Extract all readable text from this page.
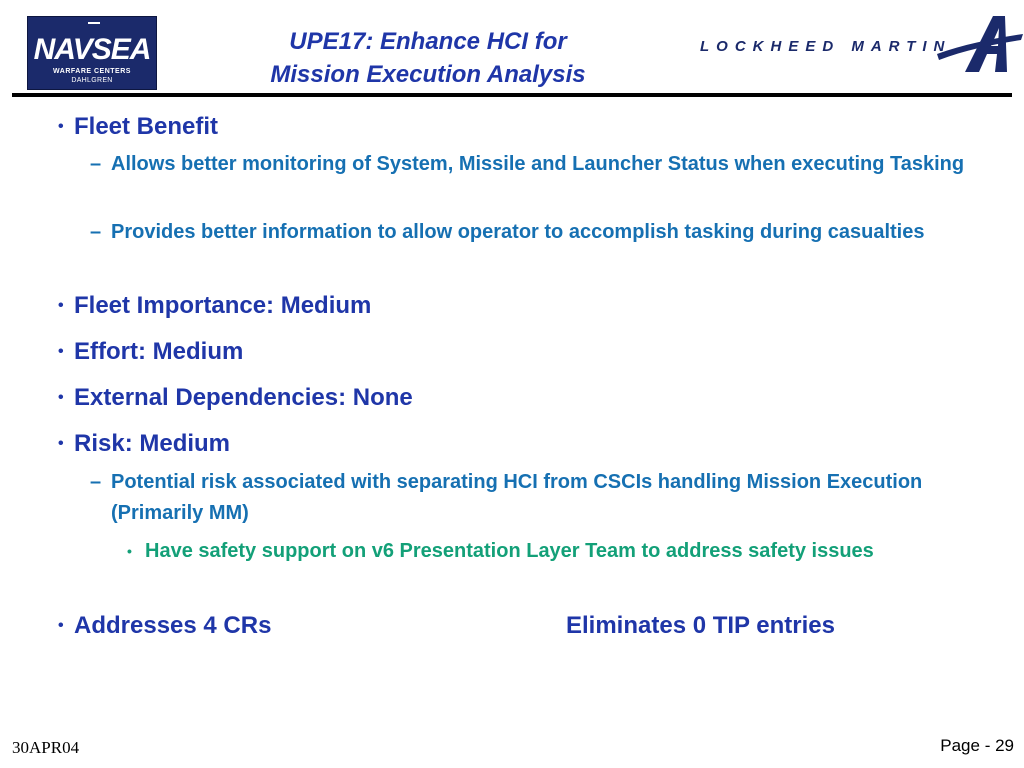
NAVSEA
WARFARE CENTERS
DAHLGREN
UPE17: Enhance HCI for
Mission Execution Analysis
LOCKHEED MARTIN
• Fleet Benefit
– Allows better monitoring of System, Missile and Launcher Status when executing Tasking
– Provides better information to allow operator to accomplish tasking during casualties
• Fleet Importance: Medium
• Effort: Medium
• External Dependencies: None
• Risk: Medium
– Potential risk associated with separating HCI from CSCIs handling Mission Execution (Primarily MM)
• Have safety support on v6 Presentation Layer Team to address safety issues
• Addresses 4 CRs	Eliminates 0 TIP entries
30APR04	Page - 29
